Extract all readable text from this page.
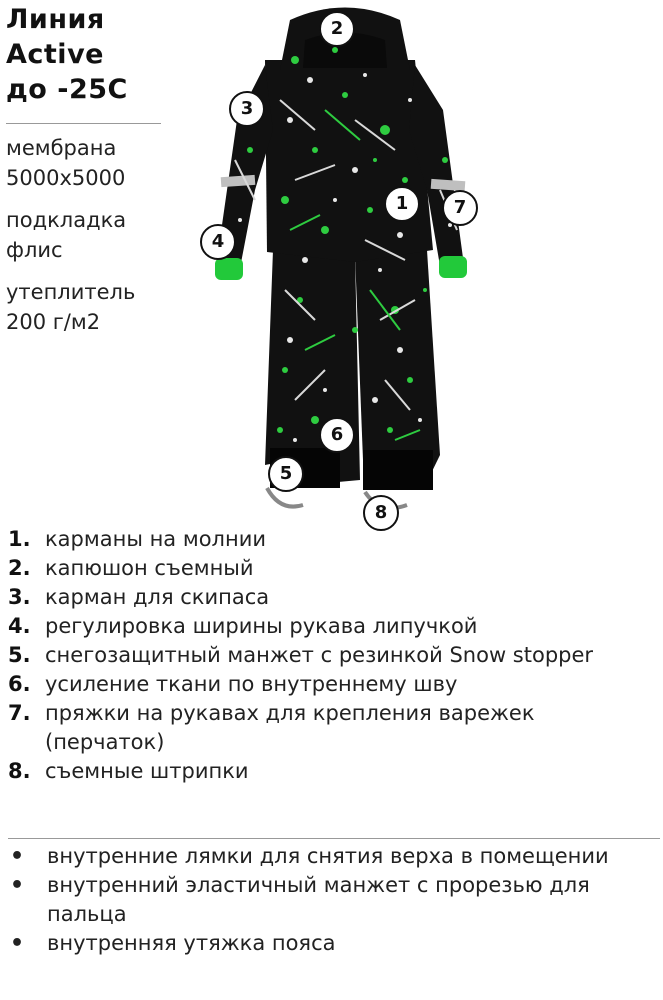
Линия
Active
до -25С
мембрана
5000х5000
подкладка
флис
утеплитель
200 г/м2
2
3
1	7
4
6
5
8
1. карманы на молнии
2. капюшон съемный
3. карман для скипаса
4. регулировка ширины рукава липучкой
5. снегозащитный манжет с резинкой Snow stopper
6. усиление ткани по внутреннему шву
7. пряжки на рукавах для крепления варежек (перчаток)
8. съемные штрипки
•	внутренние лямки для снятия верха в помещении
•	внутренний эластичный манжет с прорезью для пальца
•	внутренняя утяжка пояса
